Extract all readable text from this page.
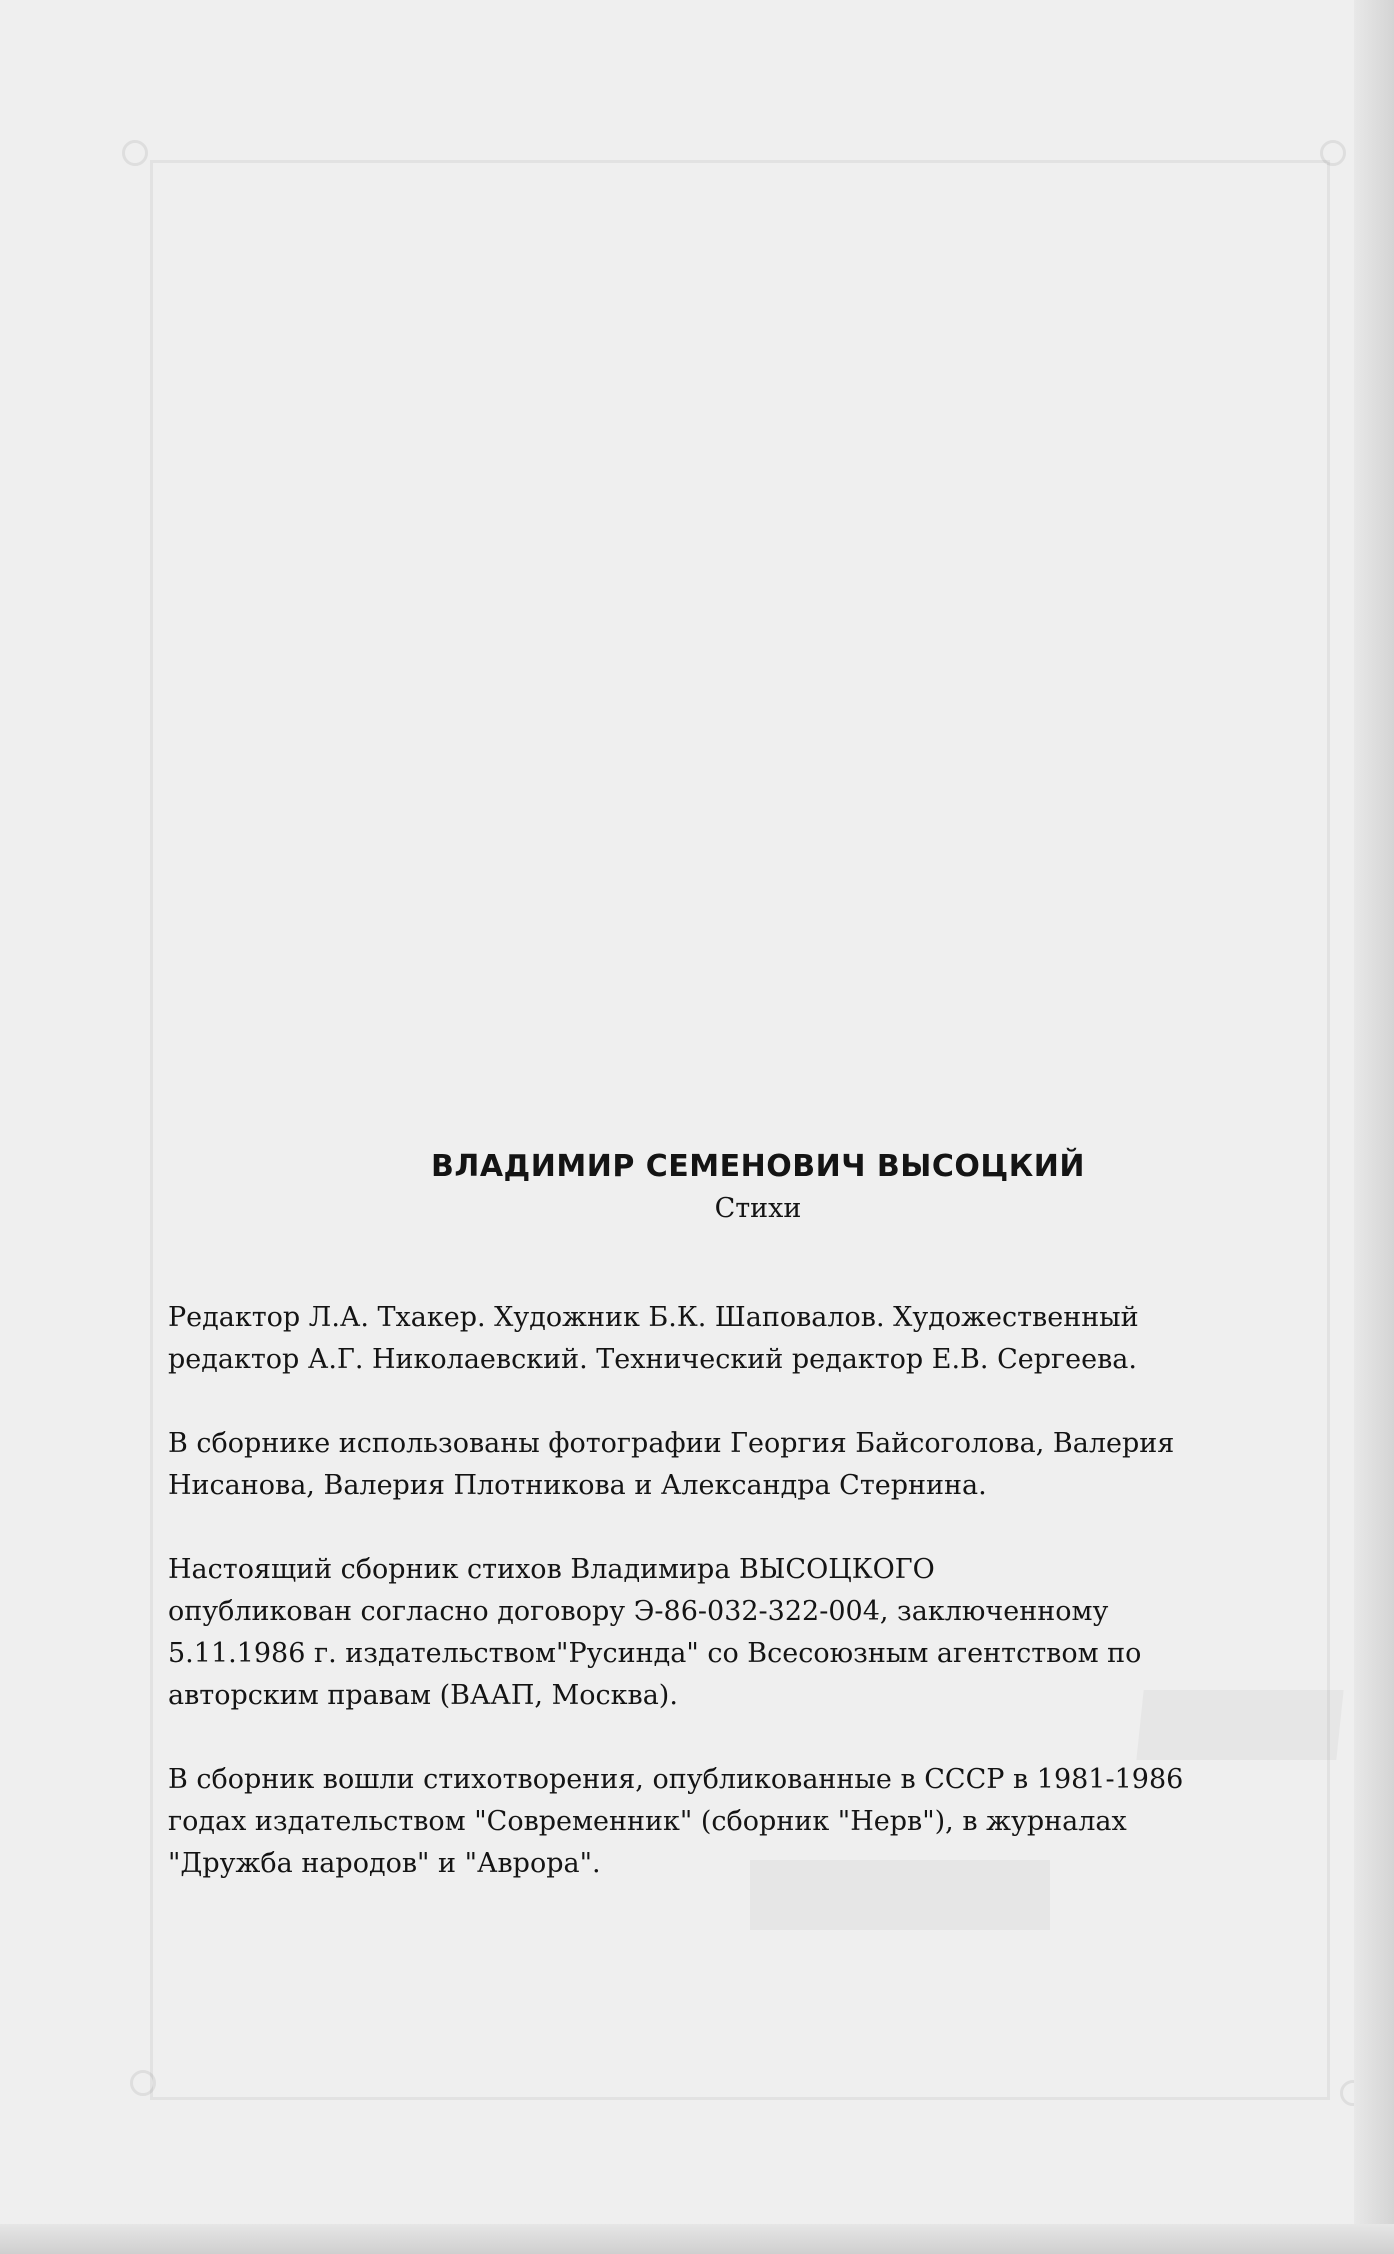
ВЛАДИМИР СЕМЕНОВИЧ ВЫСОЦКИЙ

Стихи

Редактор Л.А. Тхакер. Художник Б.К. Шаповалов. Художественный
редактор А.Г. Николаевский. Технический редактор Е.В. Сергеева.

В сборнике использованы фотографии Георгия Байсоголова, Валерия
Нисанова, Валерия Плотникова и Александра Стернина.

Настоящий сборник стихов Владимира ВЫСОЦКОГО
опубликован согласно договору Э-86-032-322-004, заключенному
5.11.1986 г. издательством"Русинда" со Всесоюзным агентством по
авторским правам (ВААП, Москва).

В сборник вошли стихотворения, опубликованные в СССР в 1981-1986
годах издательством "Современник" (сборник "Нерв"), в журналах
"Дружба народов" и "Аврора".
